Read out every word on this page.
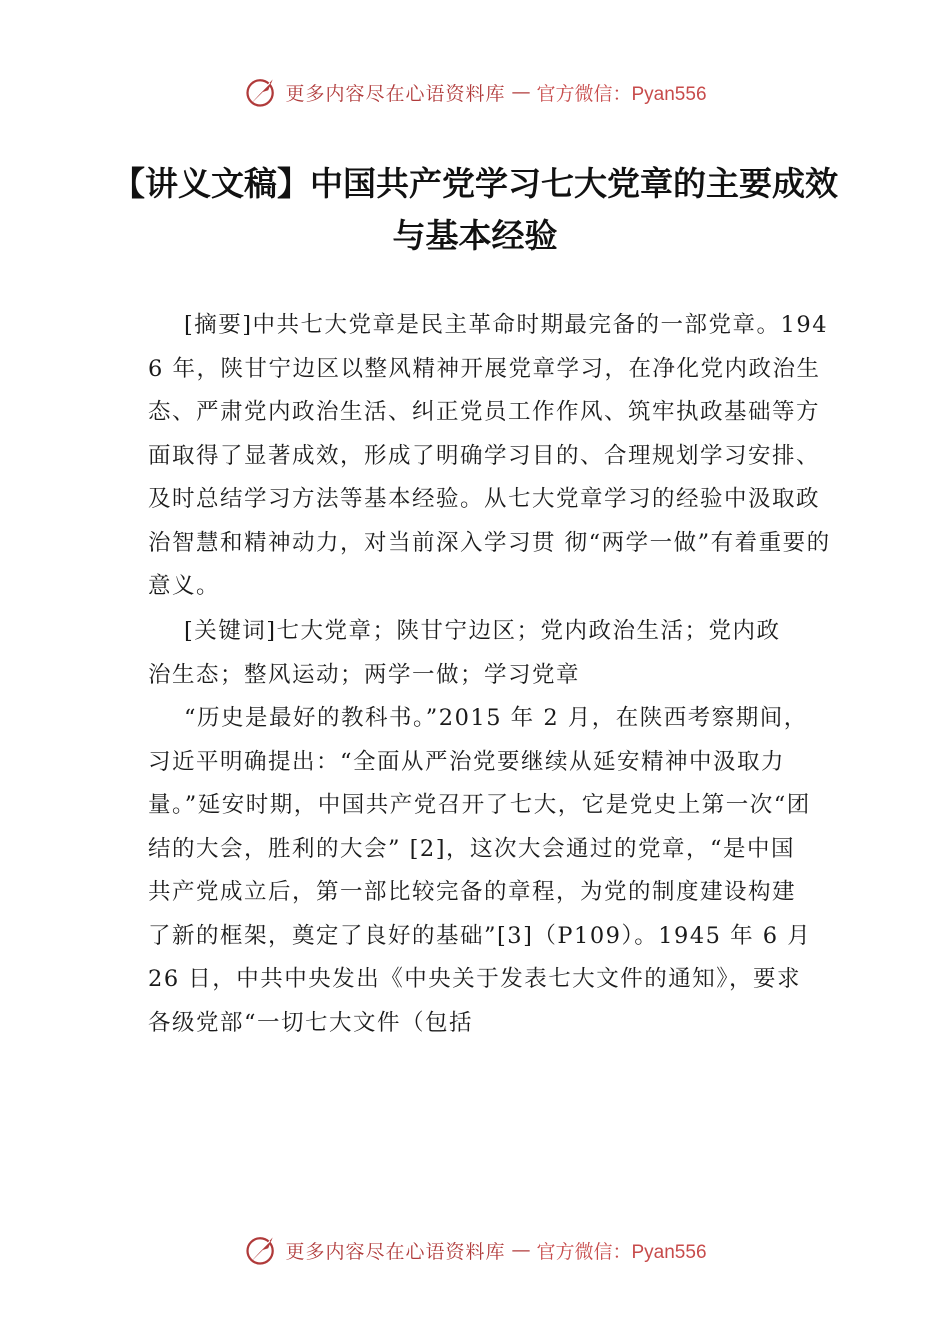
更多内容尽在心语资料库 — 官方微信：Pyan556
【讲义文稿】中国共产党学习七大党章的主要成效与基本经验

[摘要]中共七大党章是民主革命时期最完备的一部党章。1946 年，陕甘宁边区以整风精神开展党章学习，在净化党内政治生态、严肃党内政治生活、纠正党员工作作风、筑牢执政基础等方面取得了显著成效，形成了明确学习目的、合理规划学习安排、及时总结学习方法等基本经验。从七大党章学习的经验中汲取政治智慧和精神动力，对当前深入学习贯 彻“两学一做”有着重要的意义。

[关键词]七大党章；陕甘宁边区；党内政治生活；党内政治生态；整风运动；两学一做；学习党章

“历史是最好的教科书。”2015 年 2 月，在陕西考察期间，习近平明确提出：“全面从严治党要继续从延安精神中汲取力量。”延安时期，中国共产党召开了七大，它是党史上第一次“团结的大会，胜利的大会” [2]，这次大会通过的党章，“是中国共产党成立后，第一部比较完备的章程，为党的制度建设构建了新的框架，奠定了良好的基础”[3]（P109）。1945 年 6 月 26 日，中共中央发出《中央关于发表七大文件的通知》，要求各级党部“一切七大文件（包括

更多内容尽在心语资料库 — 官方微信：Pyan556
